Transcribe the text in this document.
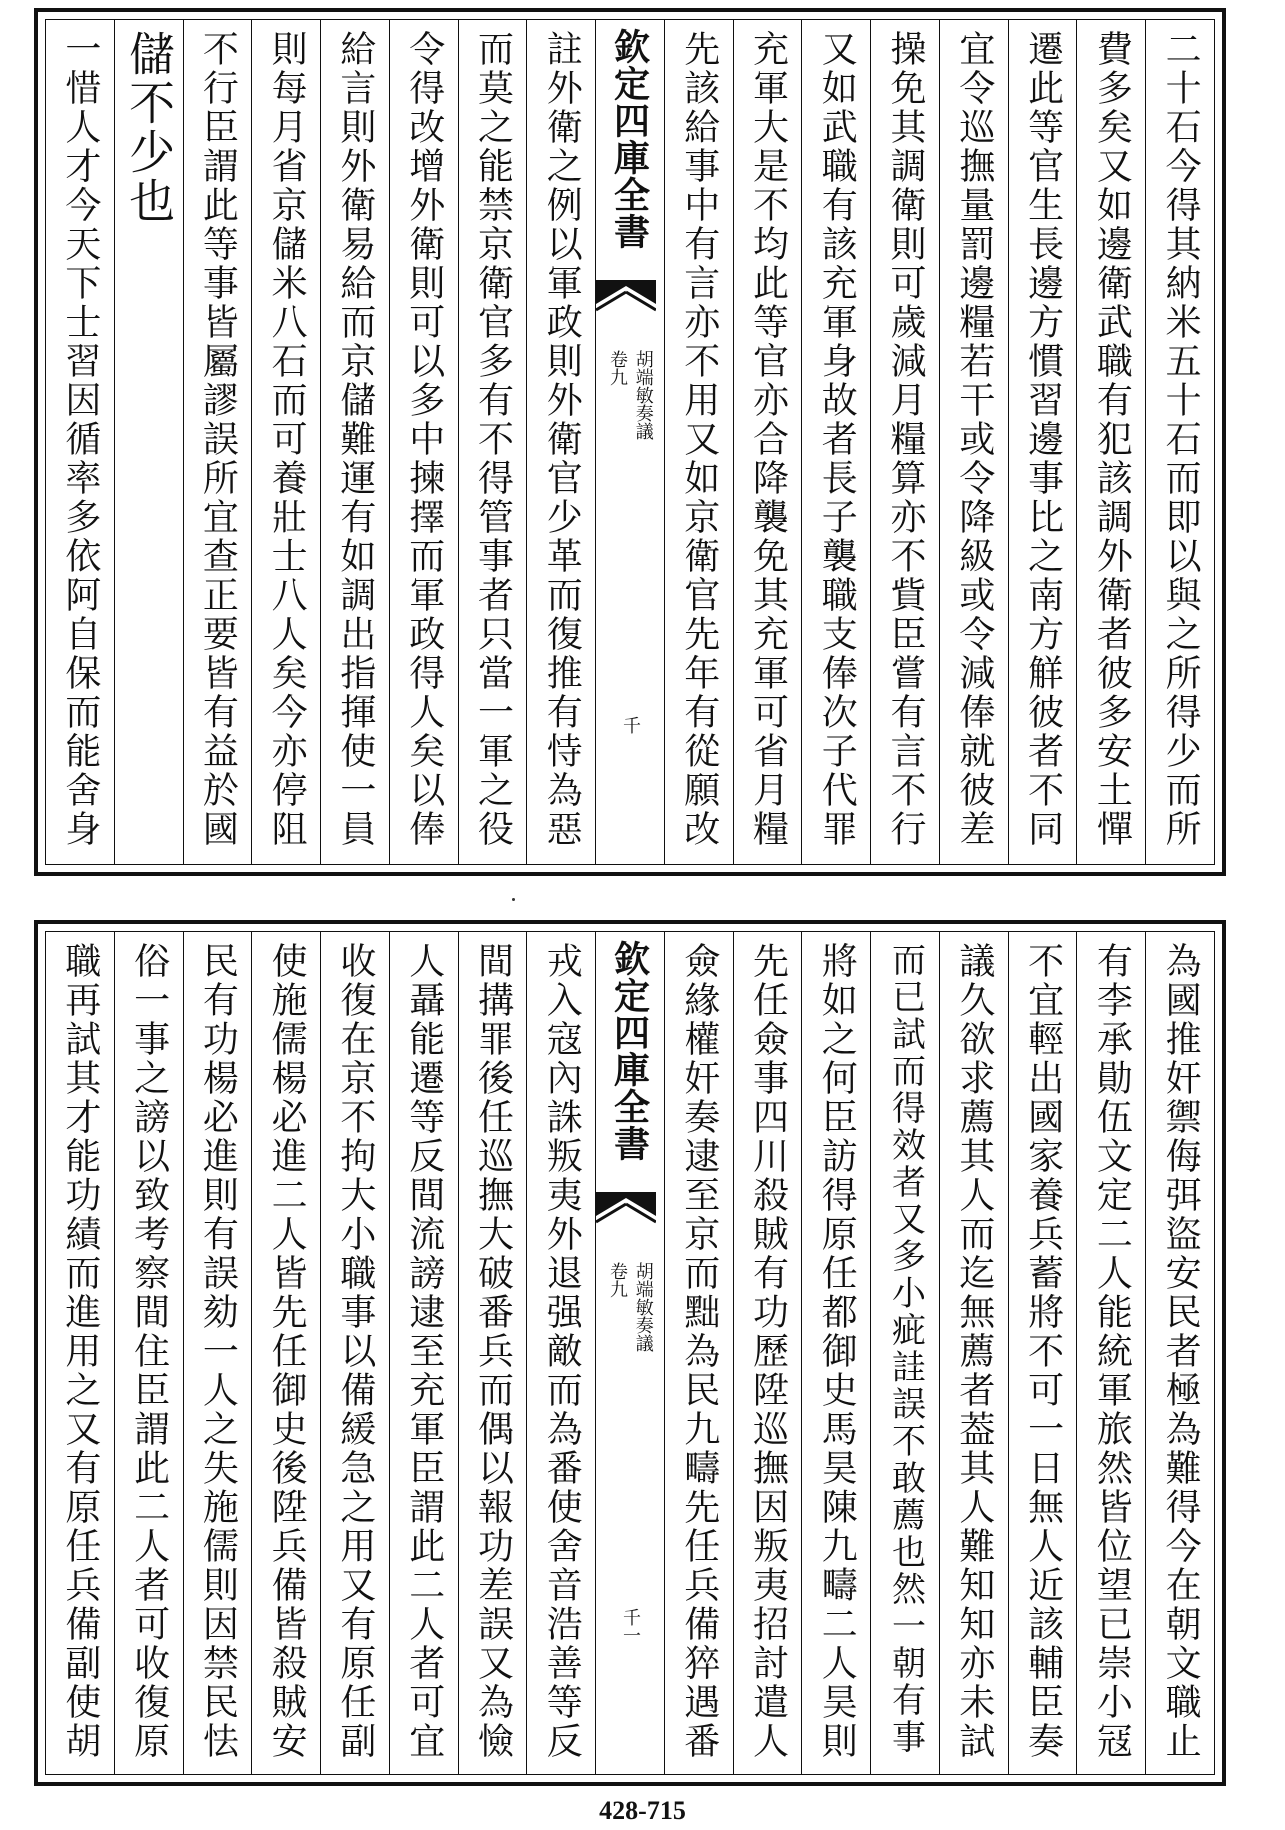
二十石今得其納米五十石而即以與之所得少而所
費多矣又如邊衛武職有犯該調外衛者彼多安土憚
遷此等官生長邊方慣習邊事比之南方觧彼者不同
宜令巡撫量罰邊糧若干或令降級或令減俸就彼差
操免其調衛則可歲減月糧算亦不貲臣嘗有言不行
又如武職有該充軍身故者長子襲職支俸次子代罪
充軍大是不均此等官亦合降襲免其充軍可省月糧
先該給事中有言亦不用又如京衛官先年有從願改
欽定四庫全書
胡端敏奏議
卷九
千
註外衛之例以軍政則外衛官少革而復推有恃為惡
而莫之能禁京衛官多有不得管事者只當一軍之役
令得改增外衛則可以多中揀擇而軍政得人矣以俸
給言則外衛易給而京儲難運有如調出指揮使一員
則每月省京儲米八石而可養壯士八人矣今亦停阻
不行臣謂此等事皆屬謬誤所宜查正要皆有益於國
儲不少也
一惜人才今天下士習因循率多依阿自保而能舍身
為國推奸禦侮弭盜安民者極為難得今在朝文職止
有李承勛伍文定二人能統軍旅然皆位望已崇小冦
不宜輕出國家養兵蓄將不可一日無人近該輔臣奏
議久欲求薦其人而迄無薦者葢其人難知知亦未試
而已試而得效者又多小疵詿誤不敢薦也然一朝有事
將如之何臣訪得原任都御史馬昊陳九疇二人昊則
先任僉事四川殺賊有功歷陞巡撫因叛夷招討遣人
僉緣權奸奏逮至京而黜為民九疇先任兵備猝遇番
欽定四庫全書
胡端敏奏議
卷九
千一
戎入寇內誅叛夷外退强敵而為番使舍音浩善等反
間搆罪後任巡撫大破番兵而偶以報功差誤又為憸
人聶能遷等反間流謗逮至充軍臣謂此二人者可宜
收復在京不拘大小職事以備緩急之用又有原任副
使施儒楊必進二人皆先任御史後陞兵備皆殺賊安
民有功楊必進則有誤劾一人之失施儒則因禁民怯
俗一事之謗以致考察間住臣謂此二人者可收復原
職再試其才能功績而進用之又有原任兵備副使胡
428-715
